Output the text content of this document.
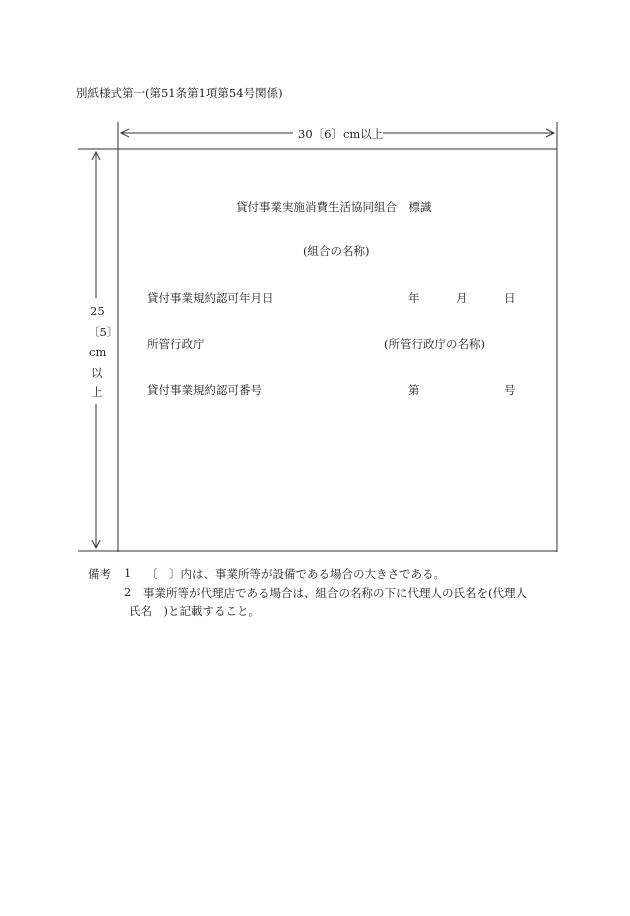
別紙様式第一(第51条第1項第54号関係)
30〔6〕cm以上
25
〔5〕
cm
以
上
貸付事業実施消費生活協同組合　標識
(組合の名称)
貸付事業規約認可年月日	年	月	日
所管行政庁	(所管行政庁の名称)
貸付事業規約認可番号	第	号
備考 1 〔　〕内は、事業所等が設備である場合の大きさである。
2 事業所等が代理店である場合は、組合の名称の下に代理人の氏名を(代理人
氏名　)と記載すること。
